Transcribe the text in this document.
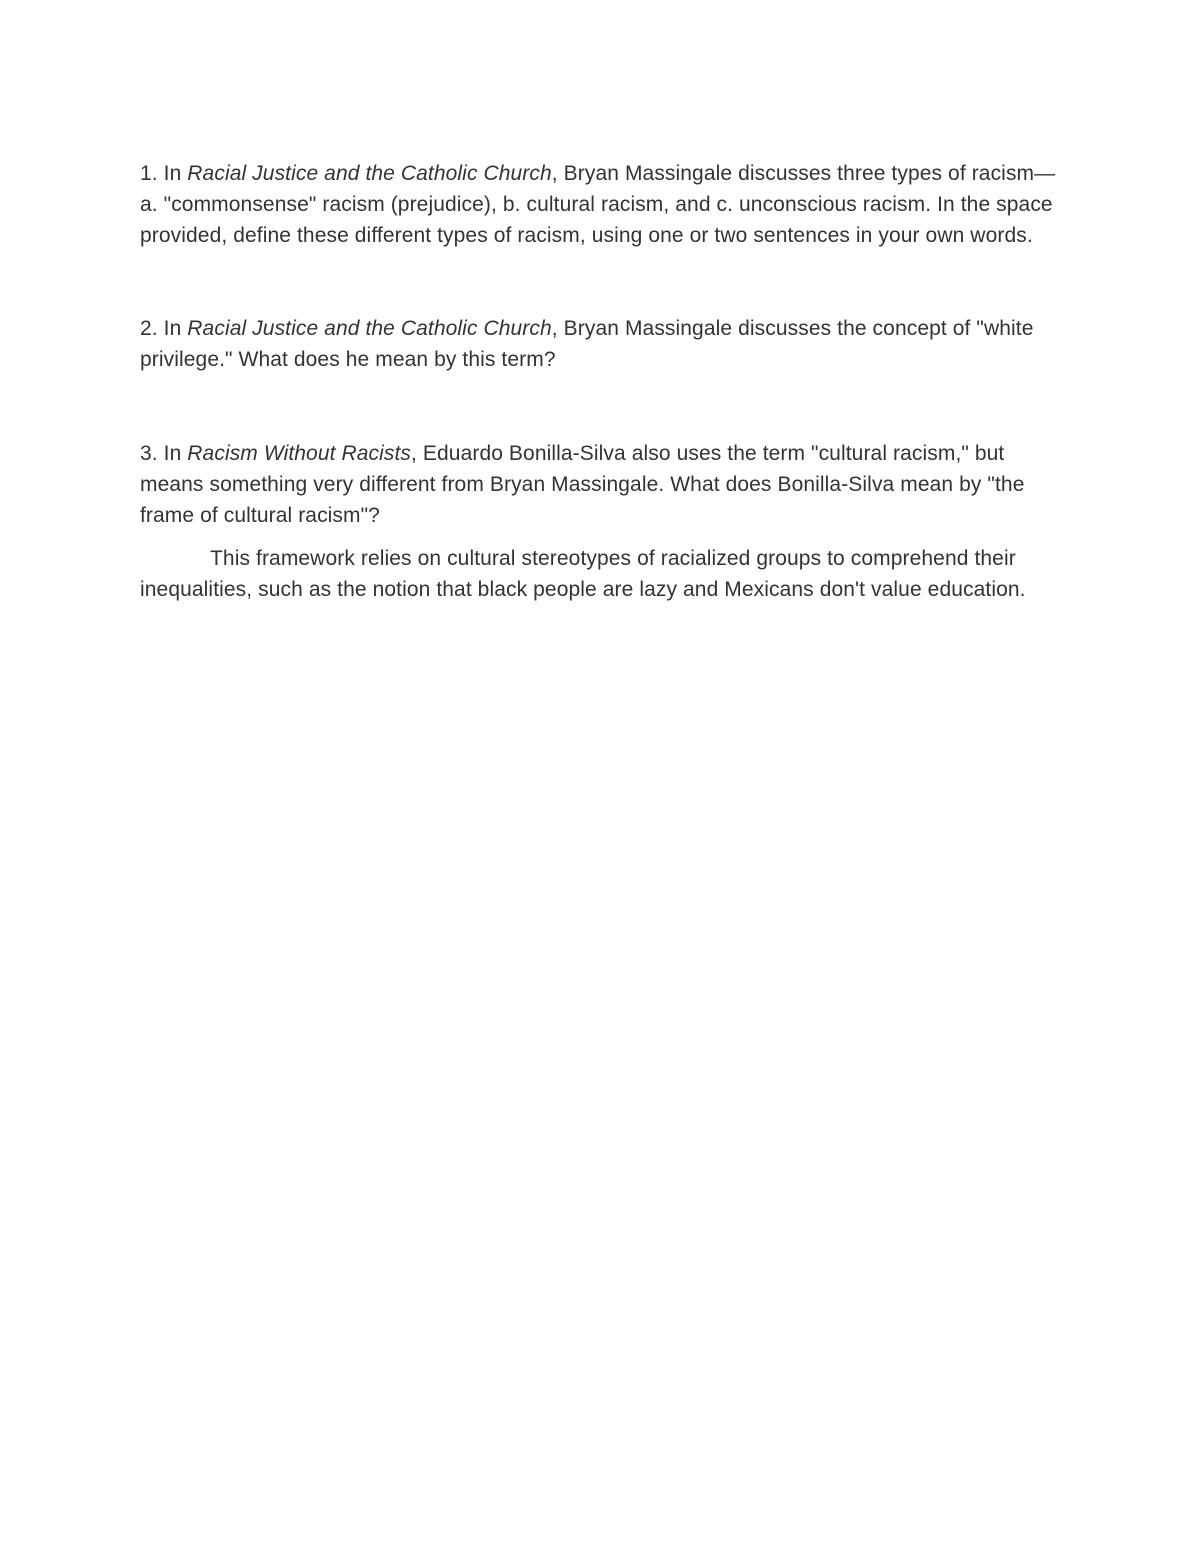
1. In Racial Justice and the Catholic Church, Bryan Massingale discusses three types of racism—a. "commonsense" racism (prejudice), b. cultural racism, and c. unconscious racism. In the space provided, define these different types of racism, using one or two sentences in your own words.

2. In Racial Justice and the Catholic Church, Bryan Massingale discusses the concept of "white privilege." What does he mean by this term?

3. In Racism Without Racists, Eduardo Bonilla-Silva also uses the term "cultural racism," but means something very different from Bryan Massingale. What does Bonilla-Silva mean by "the frame of cultural racism"?

This framework relies on cultural stereotypes of racialized groups to comprehend their inequalities, such as the notion that black people are lazy and Mexicans don't value education.
